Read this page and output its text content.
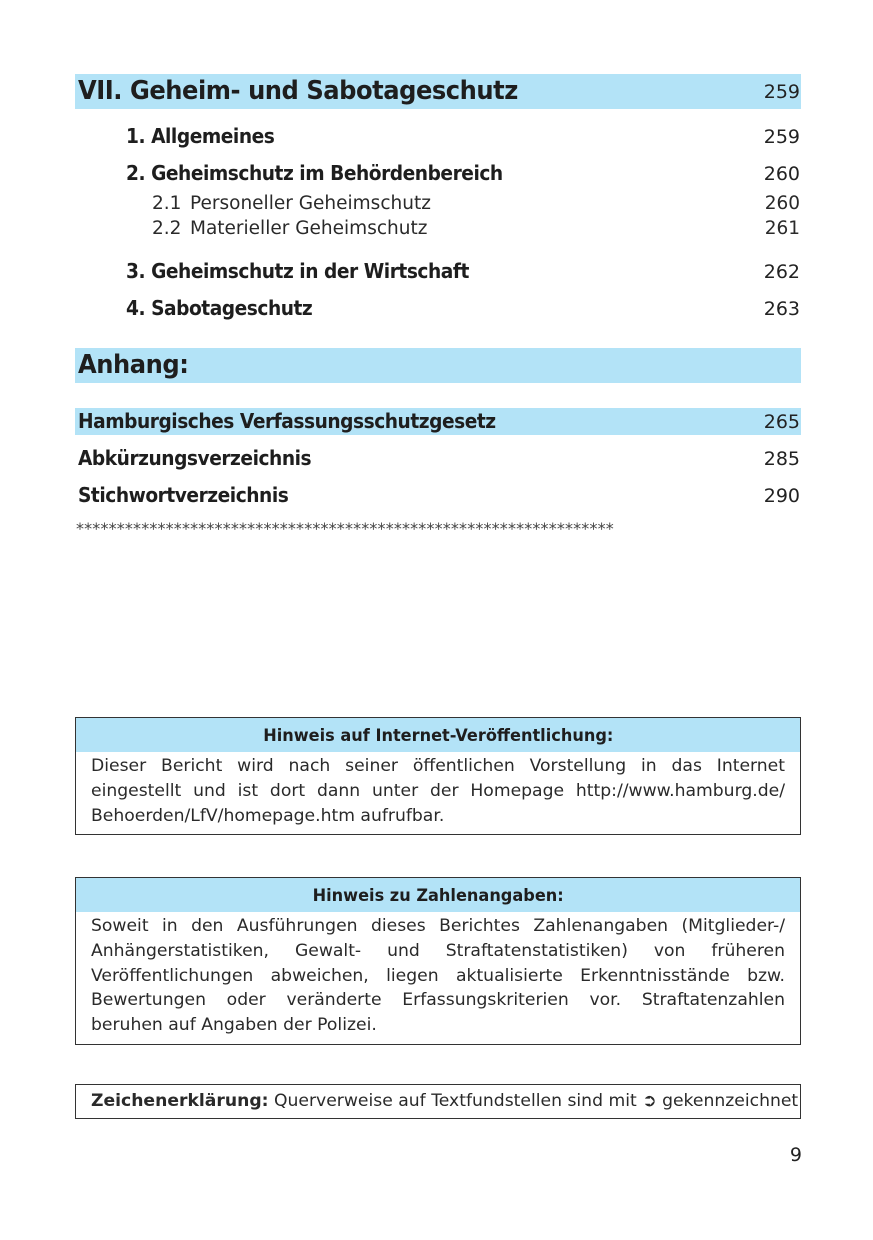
VII. Geheim- und Sabotageschutz	259
1. Allgemeines	259
2. Geheimschutz im Behördenbereich	260
2.1 Personeller Geheimschutz	260
2.2 Materieller Geheimschutz	261
3. Geheimschutz in der Wirtschaft	262
4. Sabotageschutz	263
Anhang:
Hamburgisches Verfassungsschutzgesetz	265
Abkürzungsverzeichnis	285
Stichwortverzeichnis	290
******************************************************************
Hinweis auf Internet-Veröffentlichung:
Dieser Bericht wird nach seiner öffentlichen Vorstellung in das Internet eingestellt und ist dort dann unter der Homepage http://www.hamburg.de/ Behoerden/LfV/homepage.htm aufrufbar.
Hinweis zu Zahlenangaben:
Soweit in den Ausführungen dieses Berichtes Zahlenangaben (Mitglieder-/ Anhängerstatistiken, Gewalt- und Straftatenstatistiken) von früheren Veröffentlichungen abweichen, liegen aktualisierte Erkenntnisstände bzw. Bewertungen oder veränderte Erfassungskriterien vor. Straftatenzahlen beruhen auf Angaben der Polizei.
Zeichenerklärung: Querverweise auf Textfundstellen sind mit ➲ gekennzeichnet
9
